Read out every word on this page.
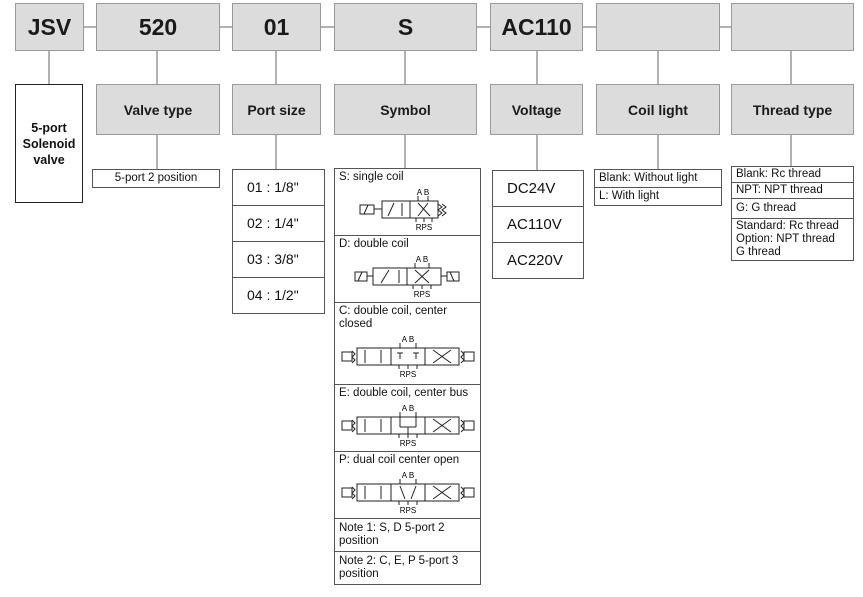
JSV	520	01	S	AC110
5-port Solenoid valve
Valve type	Port size	Symbol	Voltage	Coil light	Thread type
5-port 2 position
01 : 1/8"
02 : 1/4"
03 : 3/8"
04 : 1/2"
S: single coil
A B
RPS
D: double coil
A B
RPS
C: double coil, center closed
A B
RPS
E: double coil, center bus
A B
RPS
P: dual coil center open
A B
RPS
Note 1: S, D 5-port 2 position
Note 2: C, E, P 5-port 3 position
DC24V
AC110V
AC220V
Blank: Without light
L: With light
Blank: Rc thread
NPT: NPT thread
G: G thread
Standard: Rc thread
Option: NPT thread
G thread
